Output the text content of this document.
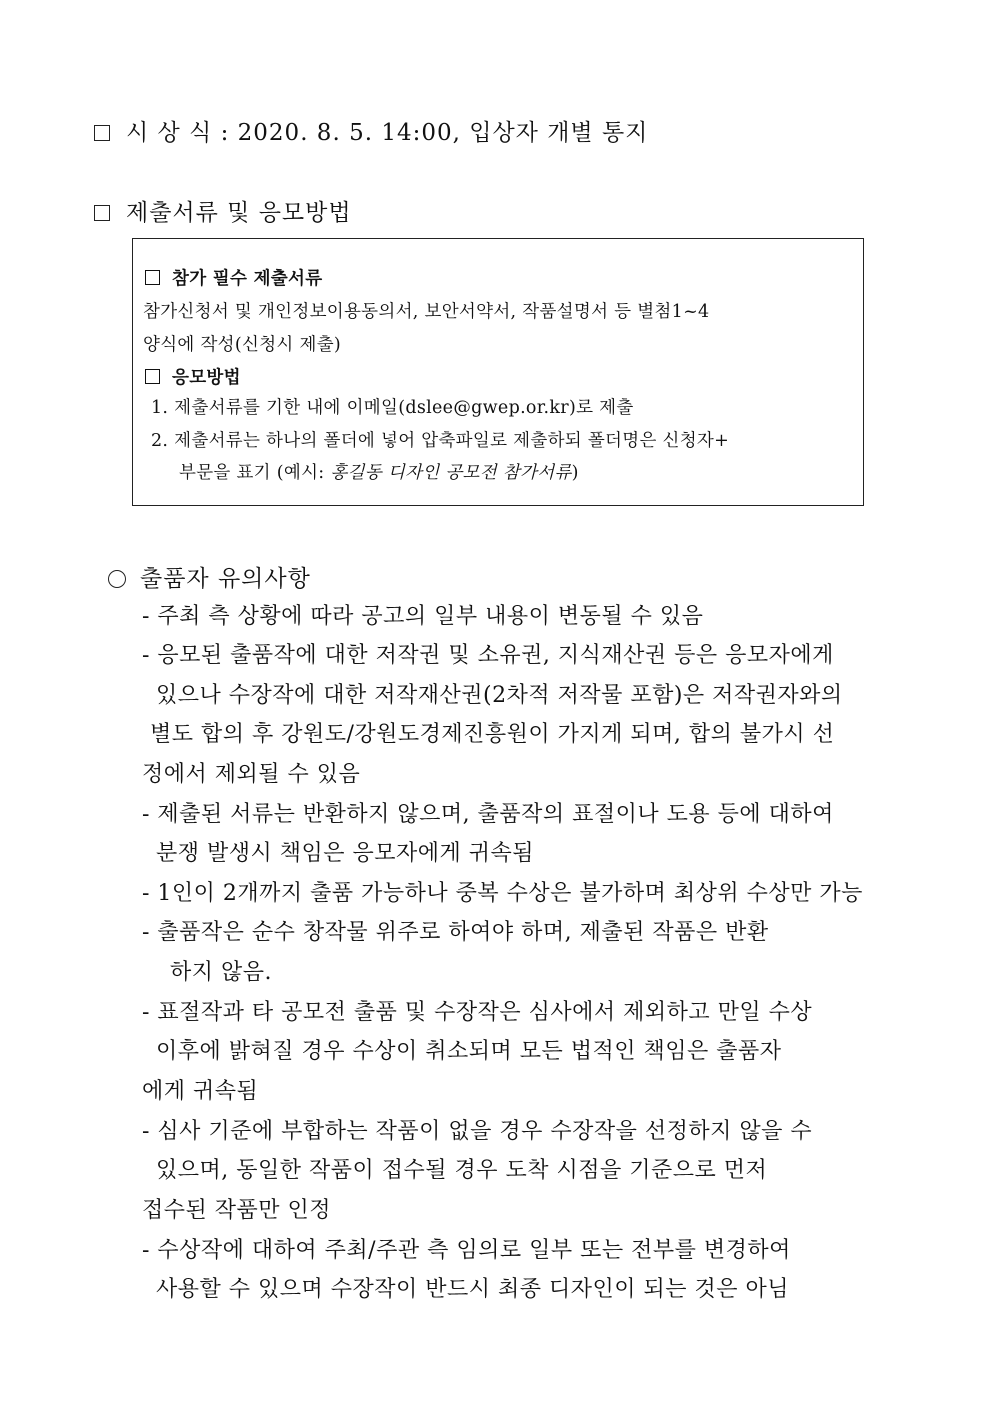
시 상 식 : 2020. 8. 5. 14:00, 입상자 개별 통지
제출서류 및 응모방법
참가 필수 제출서류
참가신청서 및 개인정보이용동의서, 보안서약서, 작품설명서 등 별첨1~4
양식에 작성(신청시 제출)
응모방법
1. 제출서류를 기한 내에 이메일(dslee@gwep.or.kr)로 제출
2. 제출서류는 하나의 폴더에 넣어 압축파일로 제출하되 폴더명은 신청자+
부문을 표기 (예시: 홍길동 디자인 공모전 참가서류)
출품자 유의사항
- 주최 측 상황에 따라 공고의 일부 내용이 변동될 수 있음
- 응모된 출품작에 대한 저작권 및 소유권, 지식재산권 등은 응모자에게
있으나 수장작에 대한 저작재산권(2차적 저작물 포함)은 저작권자와의
별도 합의 후 강원도/강원도경제진흥원이 가지게 되며, 합의 불가시 선
정에서 제외될 수 있음
- 제출된 서류는 반환하지 않으며, 출품작의 표절이나 도용 등에 대하여
분쟁 발생시 책임은 응모자에게 귀속됨
- 1인이 2개까지 출품 가능하나 중복 수상은 불가하며 최상위 수상만 가능
- 출품작은 순수 창작물 위주로 하여야 하며, 제출된 작품은 반환
하지 않음.
- 표절작과 타 공모전 출품 및 수장작은 심사에서 제외하고 만일 수상
이후에 밝혀질 경우 수상이 취소되며 모든 법적인 책임은 출품자
에게 귀속됨
- 심사 기준에 부합하는 작품이 없을 경우 수장작을 선정하지 않을 수
있으며, 동일한 작품이 접수될 경우 도착 시점을 기준으로 먼저
접수된 작품만 인정
- 수상작에 대하여 주최/주관 측 임의로 일부 또는 전부를 변경하여
사용할 수 있으며 수장작이 반드시 최종 디자인이 되는 것은 아님
